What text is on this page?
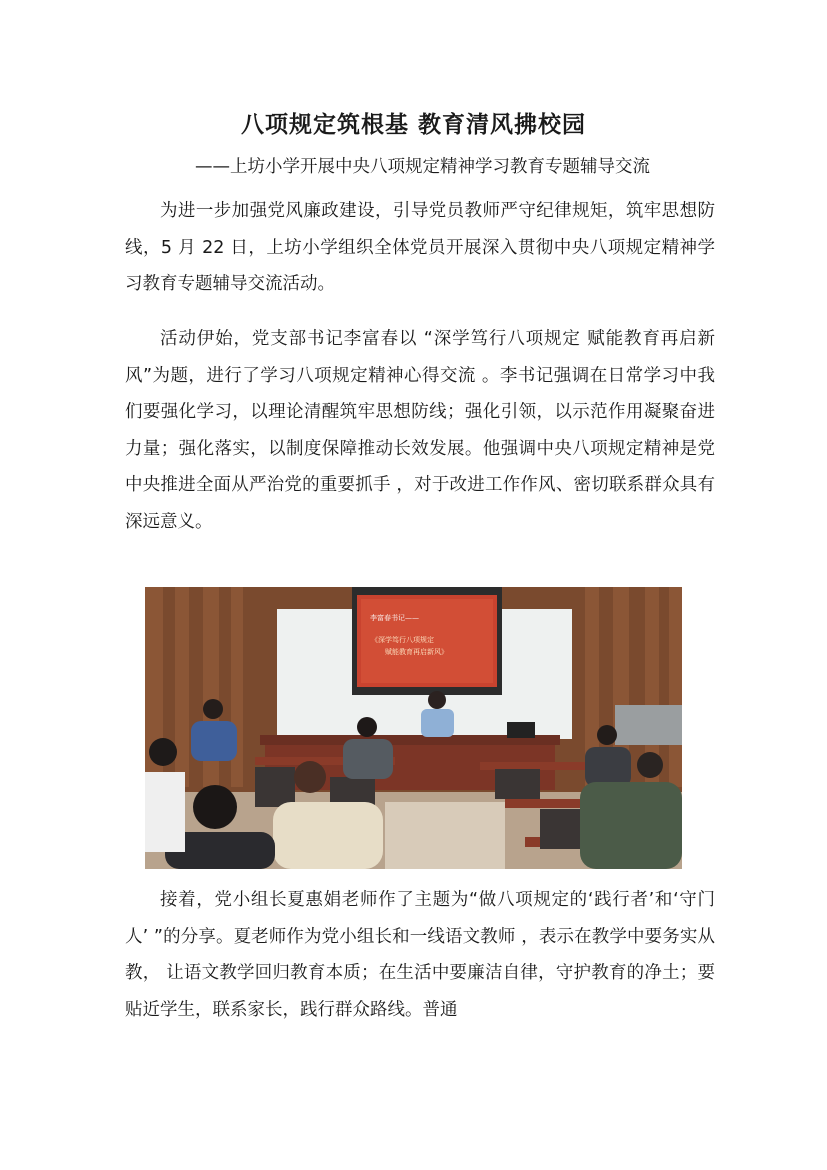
八项规定筑根基 教育清风拂校园

——上坊小学开展中央八项规定精神学习教育专题辅导交流

为进一步加强党风廉政建设，引导党员教师严守纪律规矩，筑牢思想防线，5 月 22 日，上坊小学组织全体党员开展深入贯彻中央八项规定精神学习教育专题辅导交流活动。

活动伊始，党支部书记李富春以 “深学笃行八项规定 赋能教育再启新风”为题，进行了学习八项规定精神心得交流 。李书记强调在日常学习中我们要强化学习，以理论清醒筑牢思想防线；强化引领，以示范作用凝聚奋进力量；强化落实，以制度保障推动长效发展。他强调中央八项规定精神是党中央推进全面从严治党的重要抓手 ，对于改进工作作风、密切联系群众具有深远意义。

李富春书记——
《深学笃行八项规定
赋能教育再启新风》

接着，党小组长夏惠娟老师作了主题为“做八项规定的‘践行者’和‘守门人’ ”的分享。夏老师作为党小组长和一线语文教师 ，表示在教学中要务实从教， 让语文教学回归教育本质；在生活中要廉洁自律，守护教育的净土；要贴近学生，联系家长，践行群众路线。普通
